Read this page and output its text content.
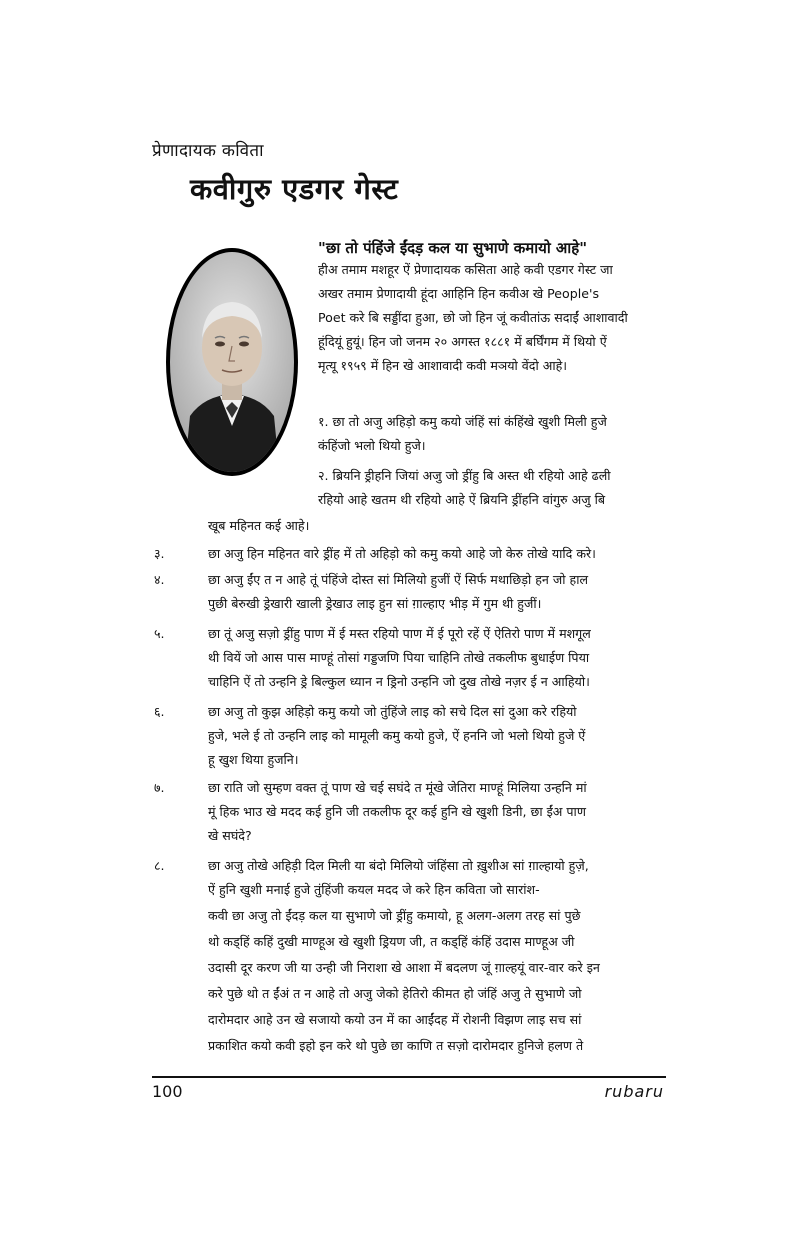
प्रेणादायक कविता
कवीगुरु एडगर गेस्ट
"छा तो पंहिंजे ईंदड़ कल या सुभाणे कमायो आहे"
हीअ तमाम मशहूर ऐं प्रेणादायक कसिता आहे कवी एडगर गेस्ट जा
अखर तमाम प्रेणादायी हूंदा आहिनि हिन कवीअ खे People's
Poet करे बि सड्डींदा हुआ, छो जो हिन जूं कवीतांऊ सदाईं आशावादी
हूंदियूं हुयूं। हिन जो जनम २० अगस्त १८८१ में बर्घिंगम में थियो ऐं
मृत्यू १९५९ में हिन खे आशावादी कवी मञयो वेंदो आहे।
१. छा तो अजु अहिड़ो कमु कयो जंहिं सां कंहिंखे खुशी मिली हुजे
कंहिंजो भलो थियो हुजे।
२. ब्रियनि ड्रीहनि जियां अजु जो ड्रींहु बि अस्त थी रहियो आहे ढली
रहियो आहे खतम थी रहियो आहे ऐं ब्रियनि ड्रींहनि वांगुरु अजु बि
खूब महिनत कई आहे।
३.	छा अजु हिन महिनत वारे ड्रींह में तो अहिड़ो को कमु कयो आहे जो केरु तोखे यादि करे।
४.	छा अजु ईंए त न आहे तूं पंहिंजे दोस्त सां मिलियो हुजीं ऐं सिर्फ मथाछिड़ो हन जो हाल
पुछी बेरुखी ड्रेखारी खाली ड्रेखाउ लाइ हुन सां ग़ाल्हाए भीड़ में गुम थी हुजीं।
५.	छा तूं अजु सज़ो ड्रींहु पाण में ई मस्त रहियो पाण में ई पूरो रहें ऐं ऐतिरो पाण में मशगूल
थी वियें जो आस पास माण्हूं तोसां गड्डजणि पिया चाहिनि तोखे तकलीफ बुधाईण पिया
चाहिनि ऐं तो उन्हनि ड्रे बिल्कुल ध्यान न ड्रिनो उन्हनि जो दुख तोखे नज़र ई न आहियो।
६.	छा अजु तो कुझ अहिड़ो कमु कयो जो तुंहिंजे लाइ को सचे दिल सां दुआ करे रहियो
हुजे, भले ई तो उन्हनि लाइ को मामूली कमु कयो हुजे, ऐं हननि जो भलो थियो हुजे ऐं
हू खुश थिया हुजनि।
७.	छा राति जो सुम्हण वक्त तूं पाण खे चई सघंदे त मूंखे जेतिरा माण्हूं मिलिया उन्हनि मां
मूं हिक भाउ खे मदद कई हुनि जी तकलीफ दूर कई हुनि खे खुशी डिनी, छा ईंअ पाण
खे सघंदे?
८.	छा अजु तोखे अहिड़ी दिल मिली या बंदो मिलियो जंहिंसा तो ख़ुशीअ सां ग़ाल्हायो हुज़े,
ऐं हुनि खुशी मनाई हुजे तुंहिंजी कयल मदद जे करे हिन कविता जो सारांश-
कवी छा अजु तो ईंदड़ कल या सुभाणे जो ड्रींहु कमायो, हू अलग-अलग तरह सां पुछे
थो कड्हिं कहिं दुखी माण्हूअ खे खुशी ड्रियण जी, त कड्हिं कंहिं उदास माण्हूअ जी
उदासी दूर करण जी या उन्ही जी निराशा खे आशा में बदलण जूं ग़ाल्हयूं वार-वार करे इन
करे पुछे थो त ईंअं त न आहे तो अजु जेको हेतिरो कीमत हो जंहिं अजु ते सुभाणे जो
दारोमदार आहे उन खे सजायो कयो उन में का आईंदह में रोशनी विझण लाइ सच सां
प्रकाशित कयो कवी इहो इन करे थो पुछे छा काणि त सज़ो दारोमदार हुनिजे हलण ते
100	rubaru
